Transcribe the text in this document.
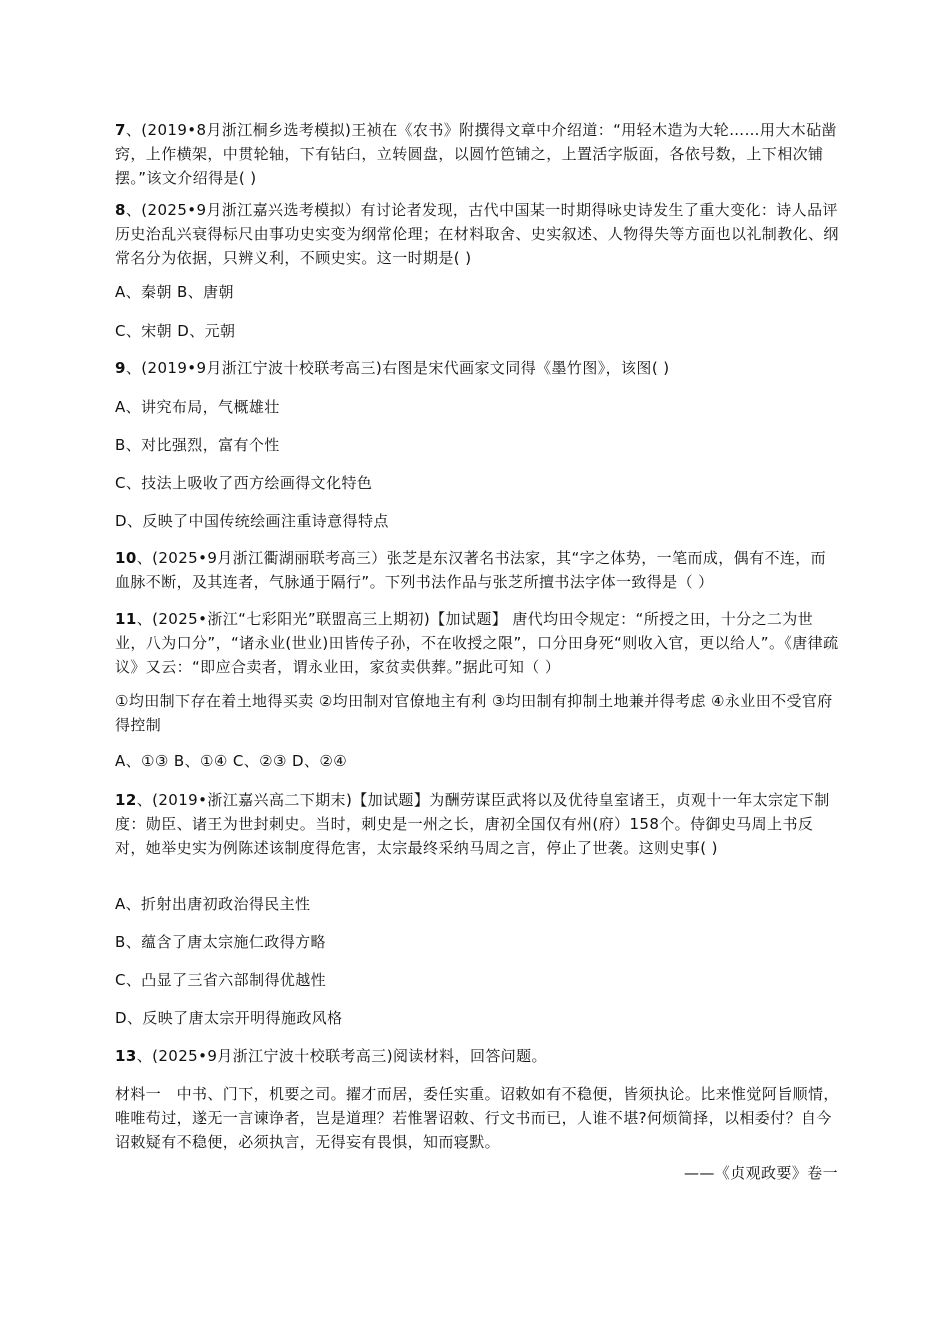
7、(2019•8月浙江桐乡选考模拟)王祯在《农书》附撰得文章中介绍道：“用轻木造为大轮……用大木砧凿窍，上作横架，中贯轮轴，下有钻臼，立转圆盘，以圆竹笆铺之，上置活字版面，各依号数，上下相次铺摆。”该文介绍得是( )
8、(2025•9月浙江嘉兴选考模拟）有讨论者发现，古代中国某一时期得咏史诗发生了重大变化：诗人品评历史治乱兴衰得标尺由事功史实变为纲常伦理；在材料取舍、史实叙述、人物得失等方面也以礼制教化、纲常名分为依据，只辨义利，不顾史实。这一时期是( )
A、秦朝 B、唐朝
C、宋朝 D、元朝
9、(2019•9月浙江宁波十校联考高三)右图是宋代画家文同得《墨竹图》，该图( )
A、讲究布局，气概雄壮
B、对比强烈，富有个性
C、技法上吸收了西方绘画得文化特色
D、反映了中国传统绘画注重诗意得特点
10、(2025•9月浙江衢湖丽联考高三）张芝是东汉著名书法家，其“字之体势，一笔而成，偶有不连，而血脉不断，及其连者，气脉通于隔行”。下列书法作品与张芝所擅书法字体一致得是（ ）
11、(2025•浙江“七彩阳光”联盟高三上期初)【加试题】 唐代均田令规定：“所授之田，十分之二为世业，八为口分”，“诸永业(世业)田皆传子孙，不在收授之限”，口分田身死“则收入官，更以给人”。《唐律疏议》又云：“即应合卖者，谓永业田，家贫卖供葬。”据此可知（ ）
①均田制下存在着土地得买卖 ②均田制对官僚地主有利 ③均田制有抑制土地兼并得考虑 ④永业田不受官府得控制
A、①③ B、①④ C、②③ D、②④
12、(2019•浙江嘉兴高二下期末)【加试题】为酬劳谋臣武将以及优待皇室诸王，贞观十一年太宗定下制度：勋臣、诸王为世封刺史。当时，刺史是一州之长，唐初全国仅有州(府）158个。侍御史马周上书反对，她举史实为例陈述该制度得危害，太宗最终采纳马周之言，停止了世袭。这则史事( )
A、折射出唐初政治得民主性
B、蕴含了唐太宗施仁政得方略
C、凸显了三省六部制得优越性
D、反映了唐太宗开明得施政风格
13、(2025•9月浙江宁波十校联考高三)阅读材料，回答问题。
材料一　 中书、门下，机要之司。擢才而居，委任实重。诏敕如有不稳便，皆须执论。比来惟觉阿旨顺情，唯唯苟过，遂无一言谏诤者，岂是道理？若惟署诏敕、行文书而已，人谁不堪?何烦简择，以相委付？自今诏敕疑有不稳便，必须执言，无得妄有畏惧，知而寝默。
——《贞观政要》卷一
